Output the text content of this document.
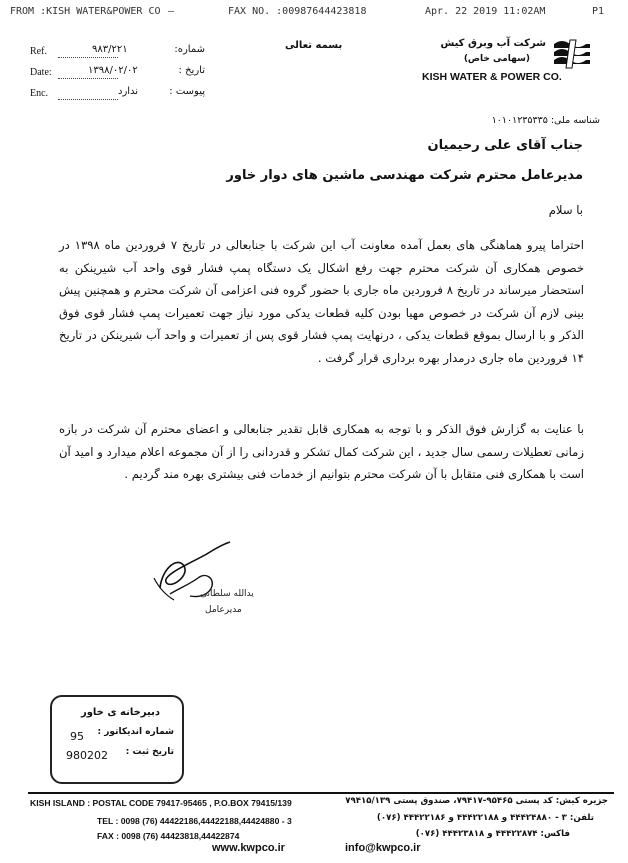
FROM :KISH WATER&POWER CO —	FAX NO. :00987644423818	Apr. 22 2019 11:02AM	P1
بسمه تعالی
Ref.	۹۸۳/۲۲۱	شماره:
Date:	۱۳۹۸/۰۲/۰۲	تاریخ :
Enc.	ندارد	پیوست :
شرکت آب وبرق کیش
(سهامی خاص)
KISH WATER & POWER CO.
شناسه ملی: ۱۰۱۰۱۲۳۵۳۳۵
جناب آقای علی رحیمیان
مدیرعامل محترم شرکت مهندسی ماشین های دوار خاور
با سلام
احتراما پیرو هماهنگی های بعمل آمده معاونت آب این شرکت با جنابعالی در تاریخ ۷ فروردین ماه ۱۳۹۸ در خصوص همکاری آن شرکت محترم جهت رفع اشکال یک دستگاه پمپ فشار قوی واحد آب شیرینکن به استحضار میرساند در تاریخ ۸ فروردین ماه جاری با حضور گروه فنی اعزامی آن شرکت محترم و همچنین پیش بینی لازم آن شرکت در خصوص مهیا بودن کلیه قطعات یدکی مورد نیاز جهت تعمیرات پمپ فشار قوی فوق الذکر و با ارسال بموقع قطعات یدکی ، درنهایت پمپ فشار قوی پس از تعمیرات و واحد آب شیرینکن در تاریخ ۱۴ فروردین ماه جاری درمدار بهره برداری قرار گرفت .
با عنایت به گزارش فوق الذکر و با توجه به همکاری قابل تقدیر جنابعالی و اعضای محترم آن شرکت در بازه زمانی تعطیلات رسمی سال جدید ، این شرکت کمال تشکر و قدردانی را از آن مجموعه اعلام میدارد و امید آن است با همکاری فنی متقابل با آن شرکت محترم بتوانیم از خدمات فنی بیشتری بهره مند گردیم .
یدالله سلطانی
مدیرعامل
دبیرخانه ی خاور
شماره اندیکاتور :
95
تاریخ ثبت :
980202
KISH ISLAND : POSTAL CODE 79417-95465 , P.O.BOX 79415/139
TEL : 0098 (76) 44422186,44422188,44424880 - 3
FAX : 0098 (76) 44423818,44422874
www.kwpco.ir
جزیره کیش: کد پستی ۹۵۴۶۵-۷۹۴۱۷، صندوق پستی ۷۹۴۱۵/۱۳۹
تلفن: ۳ - ۴۴۴۲۴۸۸۰ و ۴۴۴۲۲۱۸۸ و ۴۴۴۲۲۱۸۶ (۰۷۶)
فاکس: ۴۴۴۲۲۸۷۴ و ۴۴۴۲۳۸۱۸ (۰۷۶)
info@kwpco.ir
